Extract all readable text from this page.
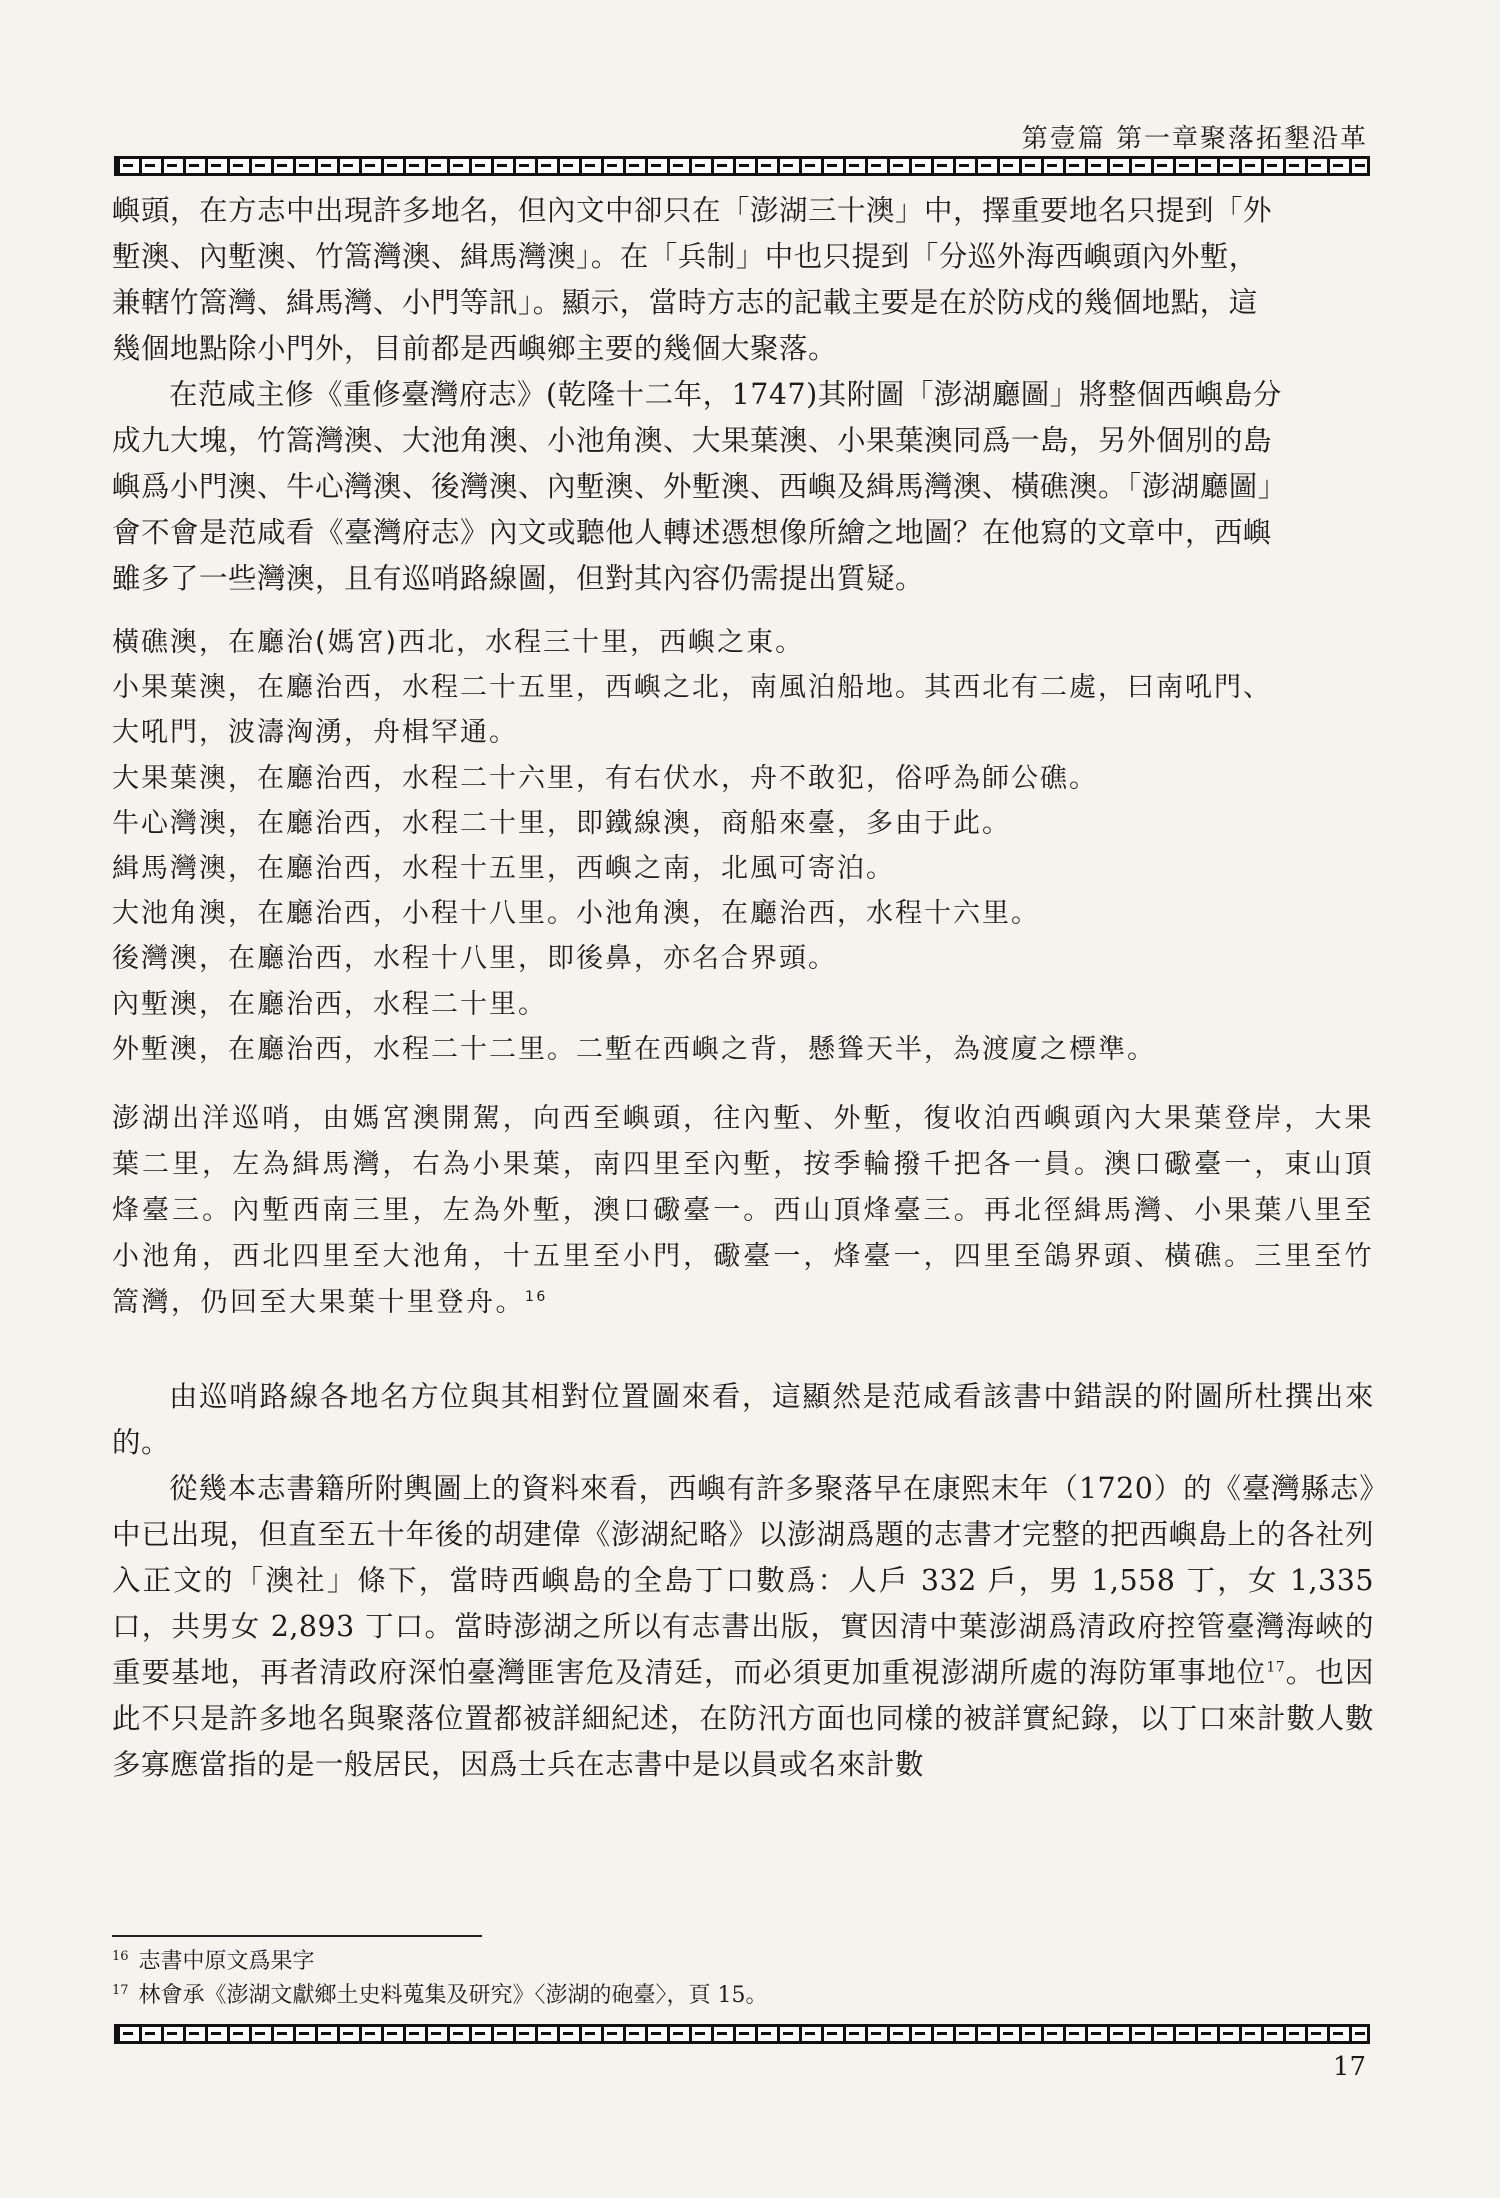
第壹篇 第一章聚落拓墾沿革

嶼頭，在方志中出現許多地名，但內文中卻只在「澎湖三十澳」中，擇重要地名只提到「外

塹澳、內塹澳、竹篙灣澳、緝馬灣澳」。在「兵制」中也只提到「分巡外海西嶼頭內外塹，

兼轄竹篙灣、緝馬灣、小門等訊」。顯示，當時方志的記載主要是在於防戍的幾個地點，這

幾個地點除小門外，目前都是西嶼鄉主要的幾個大聚落。

在范咸主修《重修臺灣府志》(乾隆十二年，1747)其附圖「澎湖廳圖」將整個西嶼島分

成九大塊，竹篙灣澳、大池角澳、小池角澳、大果葉澳、小果葉澳同爲一島，另外個別的島

嶼爲小門澳、牛心灣澳、後灣澳、內塹澳、外塹澳、西嶼及緝馬灣澳、橫礁澳。「澎湖廳圖」

會不會是范咸看《臺灣府志》內文或聽他人轉述憑想像所繪之地圖？在他寫的文章中，西嶼

雖多了一些灣澳，且有巡哨路線圖，但對其內容仍需提出質疑。

橫礁澳，在廳治(媽宮)西北，水程三十里，西嶼之東。

小果葉澳，在廳治西，水程二十五里，西嶼之北，南風泊船地。其西北有二處，曰南吼門、

大吼門，波濤洶湧，舟楫罕通。

大果葉澳，在廳治西，水程二十六里，有右伏水，舟不敢犯，俗呼為師公礁。

牛心灣澳，在廳治西，水程二十里，即鐵線澳，商船來臺，多由于此。

緝馬灣澳，在廳治西，水程十五里，西嶼之南，北風可寄泊。

大池角澳，在廳治西，小程十八里。小池角澳，在廳治西，水程十六里。

後灣澳，在廳治西，水程十八里，即後鼻，亦名合界頭。

內塹澳，在廳治西，水程二十里。

外塹澳，在廳治西，水程二十二里。二塹在西嶼之背，懸聳天半，為渡廈之標準。

澎湖出洋巡哨，由媽宮澳開駕，向西至嶼頭，往內塹、外塹，復收泊西嶼頭內大果葉登岸，大果葉二里，左為緝馬灣，右為小果葉，南四里至內塹，按季輪撥千把各一員。澳口礮臺一，東山頂烽臺三。內塹西南三里，左為外塹，澳口礮臺一。西山頂烽臺三。再北徑緝馬灣、小果葉八里至小池角，西北四里至大池角，十五里至小門，礮臺一，烽臺一，四里至鴿界頭、橫礁。三里至竹篙灣，仍回至大果葉十里登舟。$^{16}$

由巡哨路線各地名方位與其相對位置圖來看，這顯然是范咸看該書中錯誤的附圖所杜撰出來的。

從幾本志書籍所附輿圖上的資料來看，西嶼有許多聚落早在康熙末年（1720）的《臺灣縣志》中已出現，但直至五十年後的胡建偉《澎湖紀略》以澎湖爲題的志書才完整的把西嶼島上的各社列入正文的「澳社」條下，當時西嶼島的全島丁口數爲：人戶 332 戶，男 1,558 丁，女 1,335 口，共男女 2,893 丁口。當時澎湖之所以有志書出版，實因清中葉澎湖爲清政府控管臺灣海峽的重要基地，再者清政府深怕臺灣匪害危及清廷，而必須更加重視澎湖所處的海防軍事地位$^{17}$。也因此不只是許多地名與聚落位置都被詳細紀述，在防汛方面也同樣的被詳實紀錄，以丁口來計數人數多寡應當指的是一般居民，因爲士兵在志書中是以員或名來計數

$^{16}$ 志書中原文爲果字

$^{17}$ 林會承《澎湖文獻鄉土史料蒐集及研究》〈澎湖的砲臺〉，頁 15。

17
